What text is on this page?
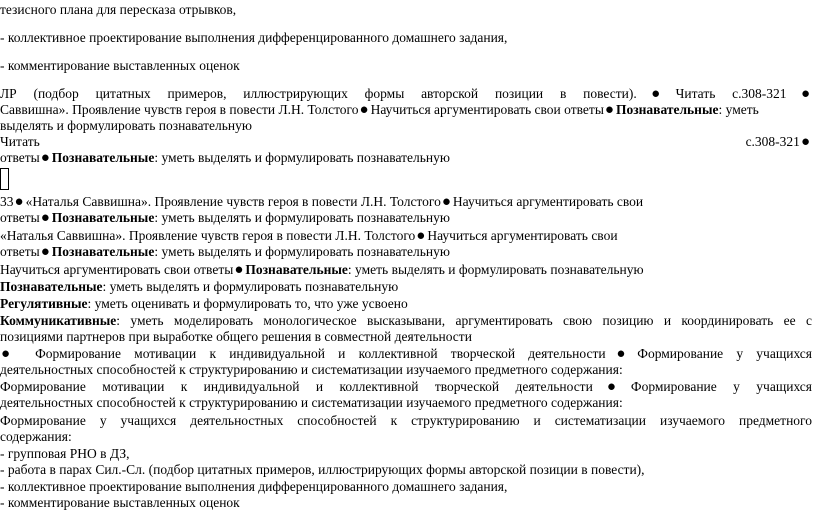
тезисного плана для пересказа отрывков,
- коллективное проектирование выполнения дифференцированного домашнего задания,
- комментирование выставленных оценок
ЛР (подбор цитатных примеров, иллюстрирующих формы авторской позиции в повести).● Читать с.308-321●
Саввишна». Проявление чувств героя в повести Л.Н. Толстого● Научиться аргументировать свои ответы● Познавательные: уметь
выделять и формулировать познавательную
Читать	с.308-321●
ответы● Познавательные: уметь выделять и формулировать познавательную
33● «Наталья Саввишна». Проявление чувств героя в повести Л.Н. Толстого● Научиться аргументировать свои
ответы● Познавательные: уметь выделять и формулировать познавательную
«Наталья Саввишна». Проявление чувств героя в повести Л.Н. Толстого● Научиться аргументировать свои
ответы● Познавательные: уметь выделять и формулировать познавательную
Научиться аргументировать свои ответы● Познавательные: уметь выделять и формулировать познавательную
Познавательные: уметь выделять и формулировать познавательную
Регулятивные: уметь оценивать и формулировать то, что уже усвоено
Коммуникативные: уметь моделировать монологическое высказывани, аргументировать свою позицию и координировать ее с
позициями партнеров при выработке общего решения в совместной деятельности
● Формирование мотивации к индивидуальной и коллективной творческой деятельности● Формирование у учащихся
деятельностных способностей к структурированию и систематизации изучаемого предметного содержания:
Формирование мотивации к индивидуальной и коллективной творческой деятельности● Формирование у учащихся
деятельностных способностей к структурированию и систематизации изучаемого предметного содержания:
Формирование у учащихся деятельностных способностей к структурированию и систематизации изучаемого предметного
содержания:
- групповая РНО в ДЗ,
- работа в парах Сил.-Сл. (подбор цитатных примеров, иллюстрирующих формы авторской позиции в повести),
- коллективное проектирование выполнения дифференцированного домашнего задания,
- комментирование выставленных оценок
